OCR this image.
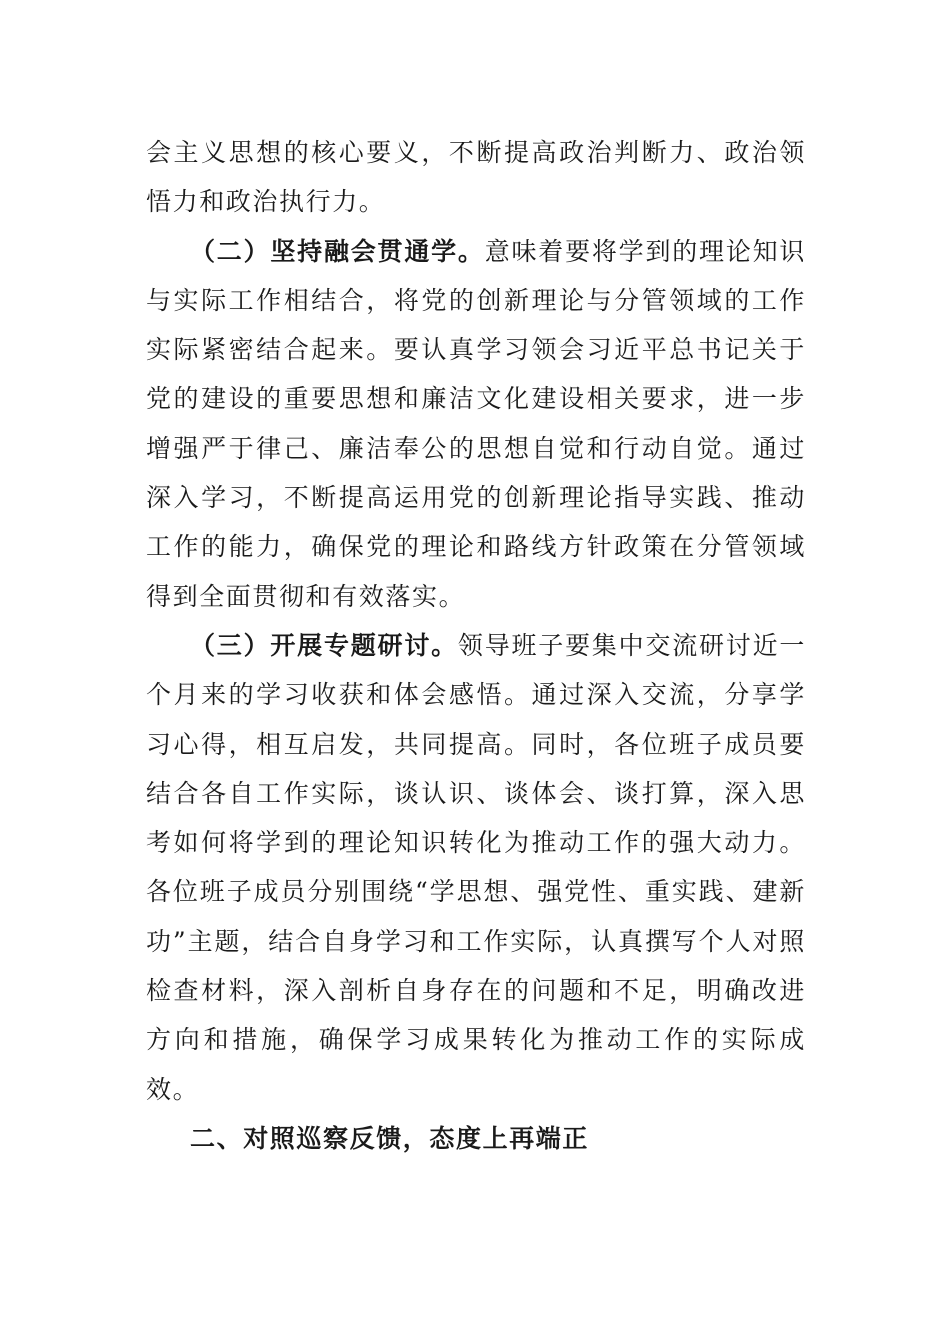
会主义思想的核心要义，不断提高政治判断力、政治领悟力和政治执行力。

（二）坚持融会贯通学。意味着要将学到的理论知识与实际工作相结合，将党的创新理论与分管领域的工作实际紧密结合起来。要认真学习领会习近平总书记关于党的建设的重要思想和廉洁文化建设相关要求，进一步增强严于律己、廉洁奉公的思想自觉和行动自觉。通过深入学习，不断提高运用党的创新理论指导实践、推动工作的能力，确保党的理论和路线方针政策在分管领域得到全面贯彻和有效落实。

（三）开展专题研讨。领导班子要集中交流研讨近一个月来的学习收获和体会感悟。通过深入交流，分享学习心得，相互启发，共同提高。同时，各位班子成员要结合各自工作实际，谈认识、谈体会、谈打算，深入思考如何将学到的理论知识转化为推动工作的强大动力。各位班子成员分别围绕“学思想、强党性、重实践、建新功”主题，结合自身学习和工作实际，认真撰写个人对照检查材料，深入剖析自身存在的问题和不足，明确改进方向和措施，确保学习成果转化为推动工作的实际成效。

二、对照巡察反馈，态度上再端正
